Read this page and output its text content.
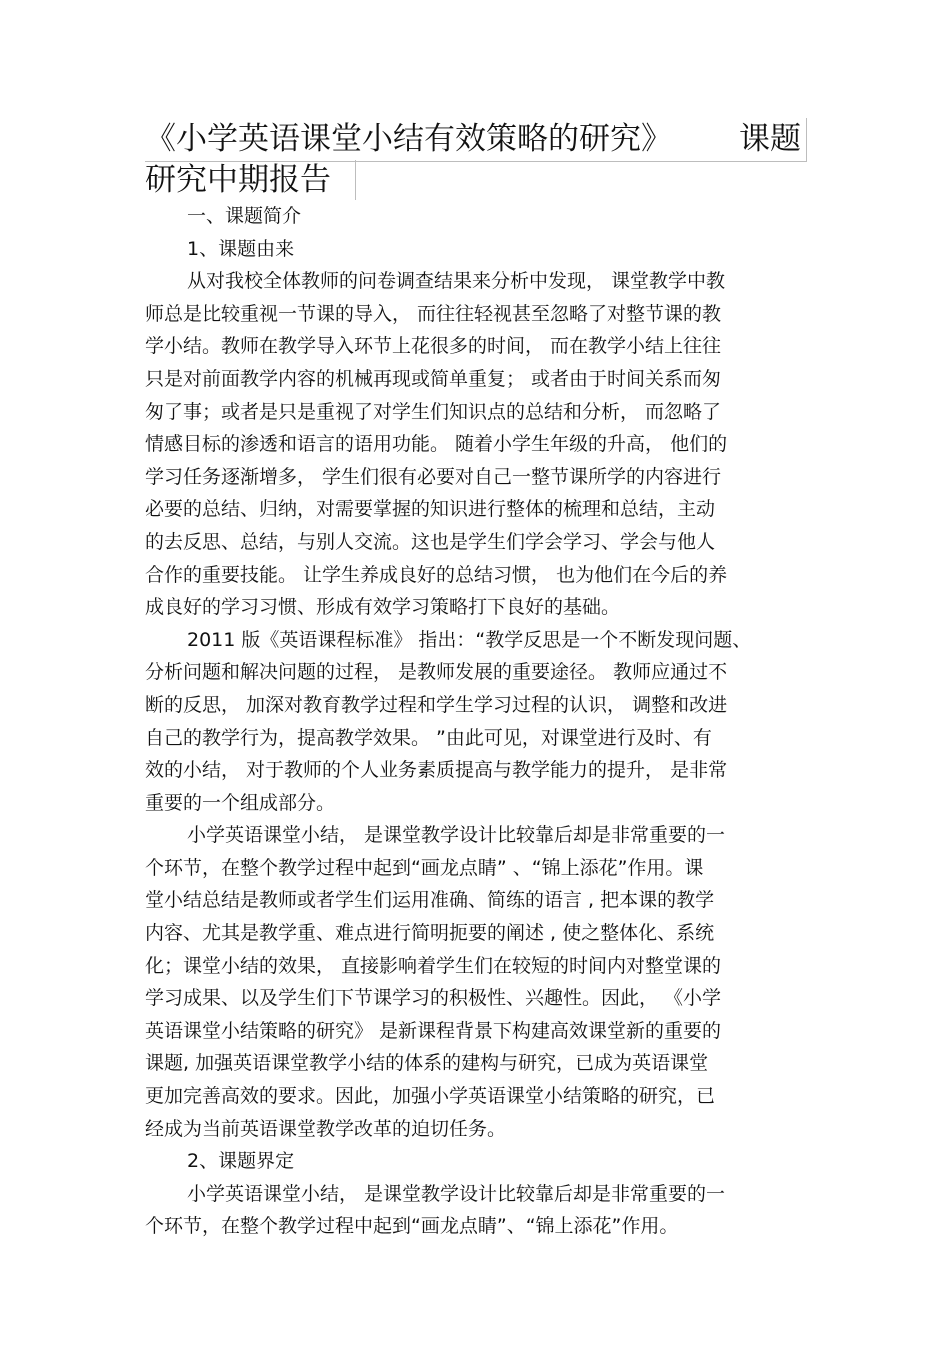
《小学英语课堂小结有效策略的研究》 课题
研究中期报告
一、课题简介
1、课题由来
从对我校全体教师的问卷调查结果来分析中发现， 课堂教学中教
师总是比较重视一节课的导入， 而往往轻视甚至忽略了对整节课的教
学小结。教师在教学导入环节上花很多的时间， 而在教学小结上往往
只是对前面教学内容的机械再现或简单重复； 或者由于时间关系而匆
匆了事；或者是只是重视了对学生们知识点的总结和分析， 而忽略了
情感目标的渗透和语言的语用功能。 随着小学生年级的升高， 他们的
学习任务逐渐增多， 学生们很有必要对自己一整节课所学的内容进行
必要的总结、归纳，对需要掌握的知识进行整体的梳理和总结，主动
的去反思、总结，与别人交流。这也是学生们学会学习、学会与他人
合作的重要技能。 让学生养成良好的总结习惯， 也为他们在今后的养
成良好的学习习惯、形成有效学习策略打下良好的基础。
2011 版《英语课程标准》 指出：“教学反思是一个不断发现问题、
分析问题和解决问题的过程， 是教师发展的重要途径。 教师应通过不
断的反思， 加深对教育教学过程和学生学习过程的认识， 调整和改进
自己的教学行为，提高教学效果。 ”由此可见，对课堂进行及时、有
效的小结， 对于教师的个人业务素质提高与教学能力的提升， 是非常
重要的一个组成部分。
小学英语课堂小结， 是课堂教学设计比较靠后却是非常重要的一
个环节，在整个教学过程中起到“画龙点睛” 、“锦上添花”作用。课
堂小结总结是教师或者学生们运用准确、简练的语言 , 把本课的教学
内容、尤其是教学重、难点进行简明扼要的阐述 , 使之整体化、系统
化；课堂小结的效果， 直接影响着学生们在较短的时间内对整堂课的
学习成果、以及学生们下节课学习的积极性、兴趣性。因此， 《小学
英语课堂小结策略的研究》 是新课程背景下构建高效课堂新的重要的
课题, 加强英语课堂教学小结的体系的建构与研究，已成为英语课堂
更加完善高效的要求。因此，加强小学英语课堂小结策略的研究，已
经成为当前英语课堂教学改革的迫切任务。
2、课题界定
小学英语课堂小结， 是课堂教学设计比较靠后却是非常重要的一
个环节，在整个教学过程中起到“画龙点睛”、“锦上添花”作用。
